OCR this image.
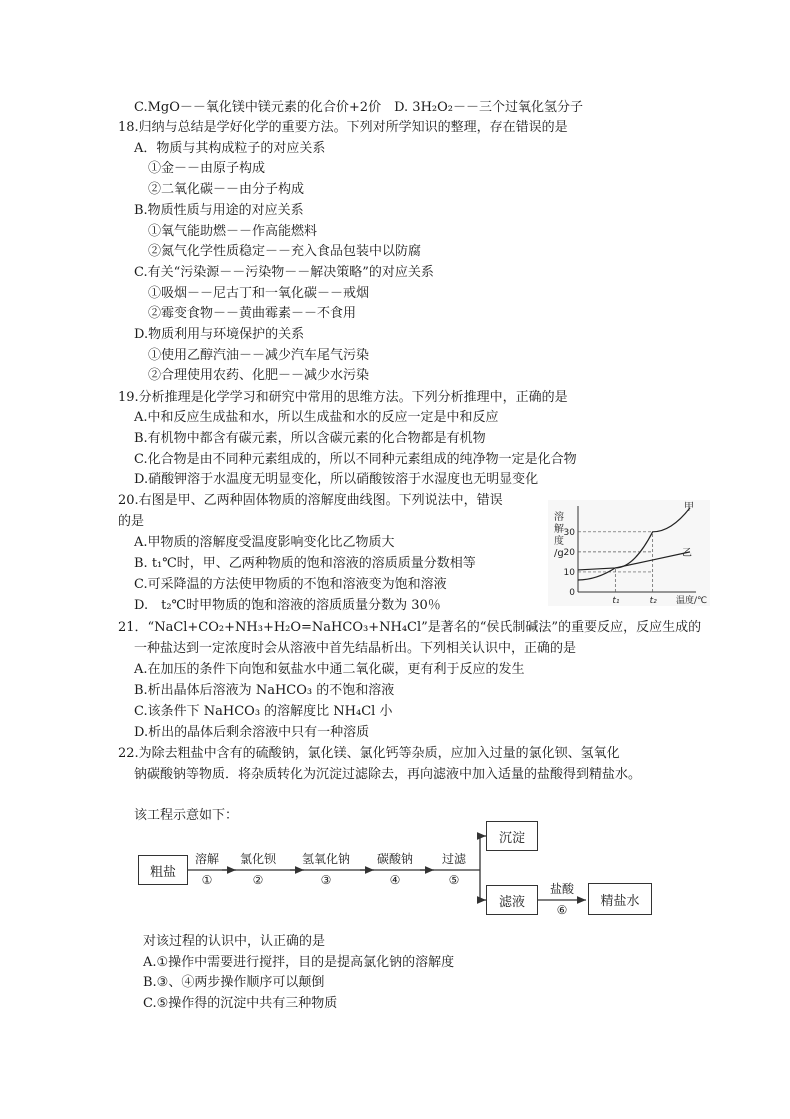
C.MgO－－氧化镁中镁元素的化合价+2价　D. 3H₂O₂－－三个过氧化氢分子
18.归纳与总结是学好化学的重要方法。下列对所学知识的整理，存在错误的是
A．物质与其构成粒子的对应关系
①金－－由原子构成
②二氧化碳－－由分子构成
B.物质性质与用途的对应关系
①氧气能助燃－－作高能燃料
②氮气化学性质稳定－－充入食品包装中以防腐
C.有关“污染源－－污染物－－解决策略”的对应关系
①吸烟－－尼古丁和一氧化碳－－戒烟
②霉变食物－－黄曲霉素－－不食用
D.物质利用与环境保护的关系
①使用乙醇汽油－－减少汽车尾气污染
②合理使用农药、化肥－－减少水污染
19.分析推理是化学学习和研究中常用的思维方法。下列分析推理中，正确的是
A.中和反应生成盐和水，所以生成盐和水的反应一定是中和反应
B.有机物中都含有碳元素，所以含碳元素的化合物都是有机物
C.化合物是由不同种元素组成的，所以不同种元素组成的纯净物一定是化合物
D.硝酸钾溶于水温度无明显变化，所以硝酸铵溶于水湿度也无明显变化
20.右图是甲、乙两种固体物质的溶解度曲线图。下列说法中，错误
的是
A.甲物质的溶解度受温度影响变化比乙物质大
B. t₁℃时，甲、乙两种物质的饱和溶液的溶质质量分数相等
C.可采降温的方法使甲物质的不饱和溶液变为饱和溶液
D.　t₂℃时甲物质的饱和溶液的溶质质量分数为 30％
溶
解
度
/g
30
20
10
0
t₁	t₂ 温度/℃
甲
乙
21．“NaCl+CO₂+NH₃+H₂O=NaHCO₃+NH₄Cl”是著名的“侯氏制碱法”的重要反应，反应生成的
一种盐达到一定浓度时会从溶液中首先结晶析出。下列相关认识中，正确的是
A.在加压的条件下向饱和氨盐水中通二氧化碳，更有利于反应的发生
B.析出晶体后溶液为 NaHCO₃ 的不饱和溶液
C.该条件下 NaHCO₃ 的溶解度比 NH₄Cl 小
D.析出的晶体后剩余溶液中只有一种溶质
22.为除去粗盐中含有的硫酸钠，氯化镁、氯化钙等杂质，应加入过量的氯化钡、氢氧化
钠碳酸钠等物质．将杂质转化为沉淀过滤除去，再向滤液中加入适量的盐酸得到精盐水。
该工程示意如下：
粗盐
溶解
①
氯化钡
②
氢氧化钠
③
碳酸钠
④
过滤
⑤
沉淀
滤液
盐酸
⑥
精盐水
对该过程的认识中，认正确的是
A.①操作中需要进行搅拌，目的是提高氯化钠的溶解度
B.③、④两步操作顺序可以颠倒
C.⑤操作得的沉淀中共有三种物质
